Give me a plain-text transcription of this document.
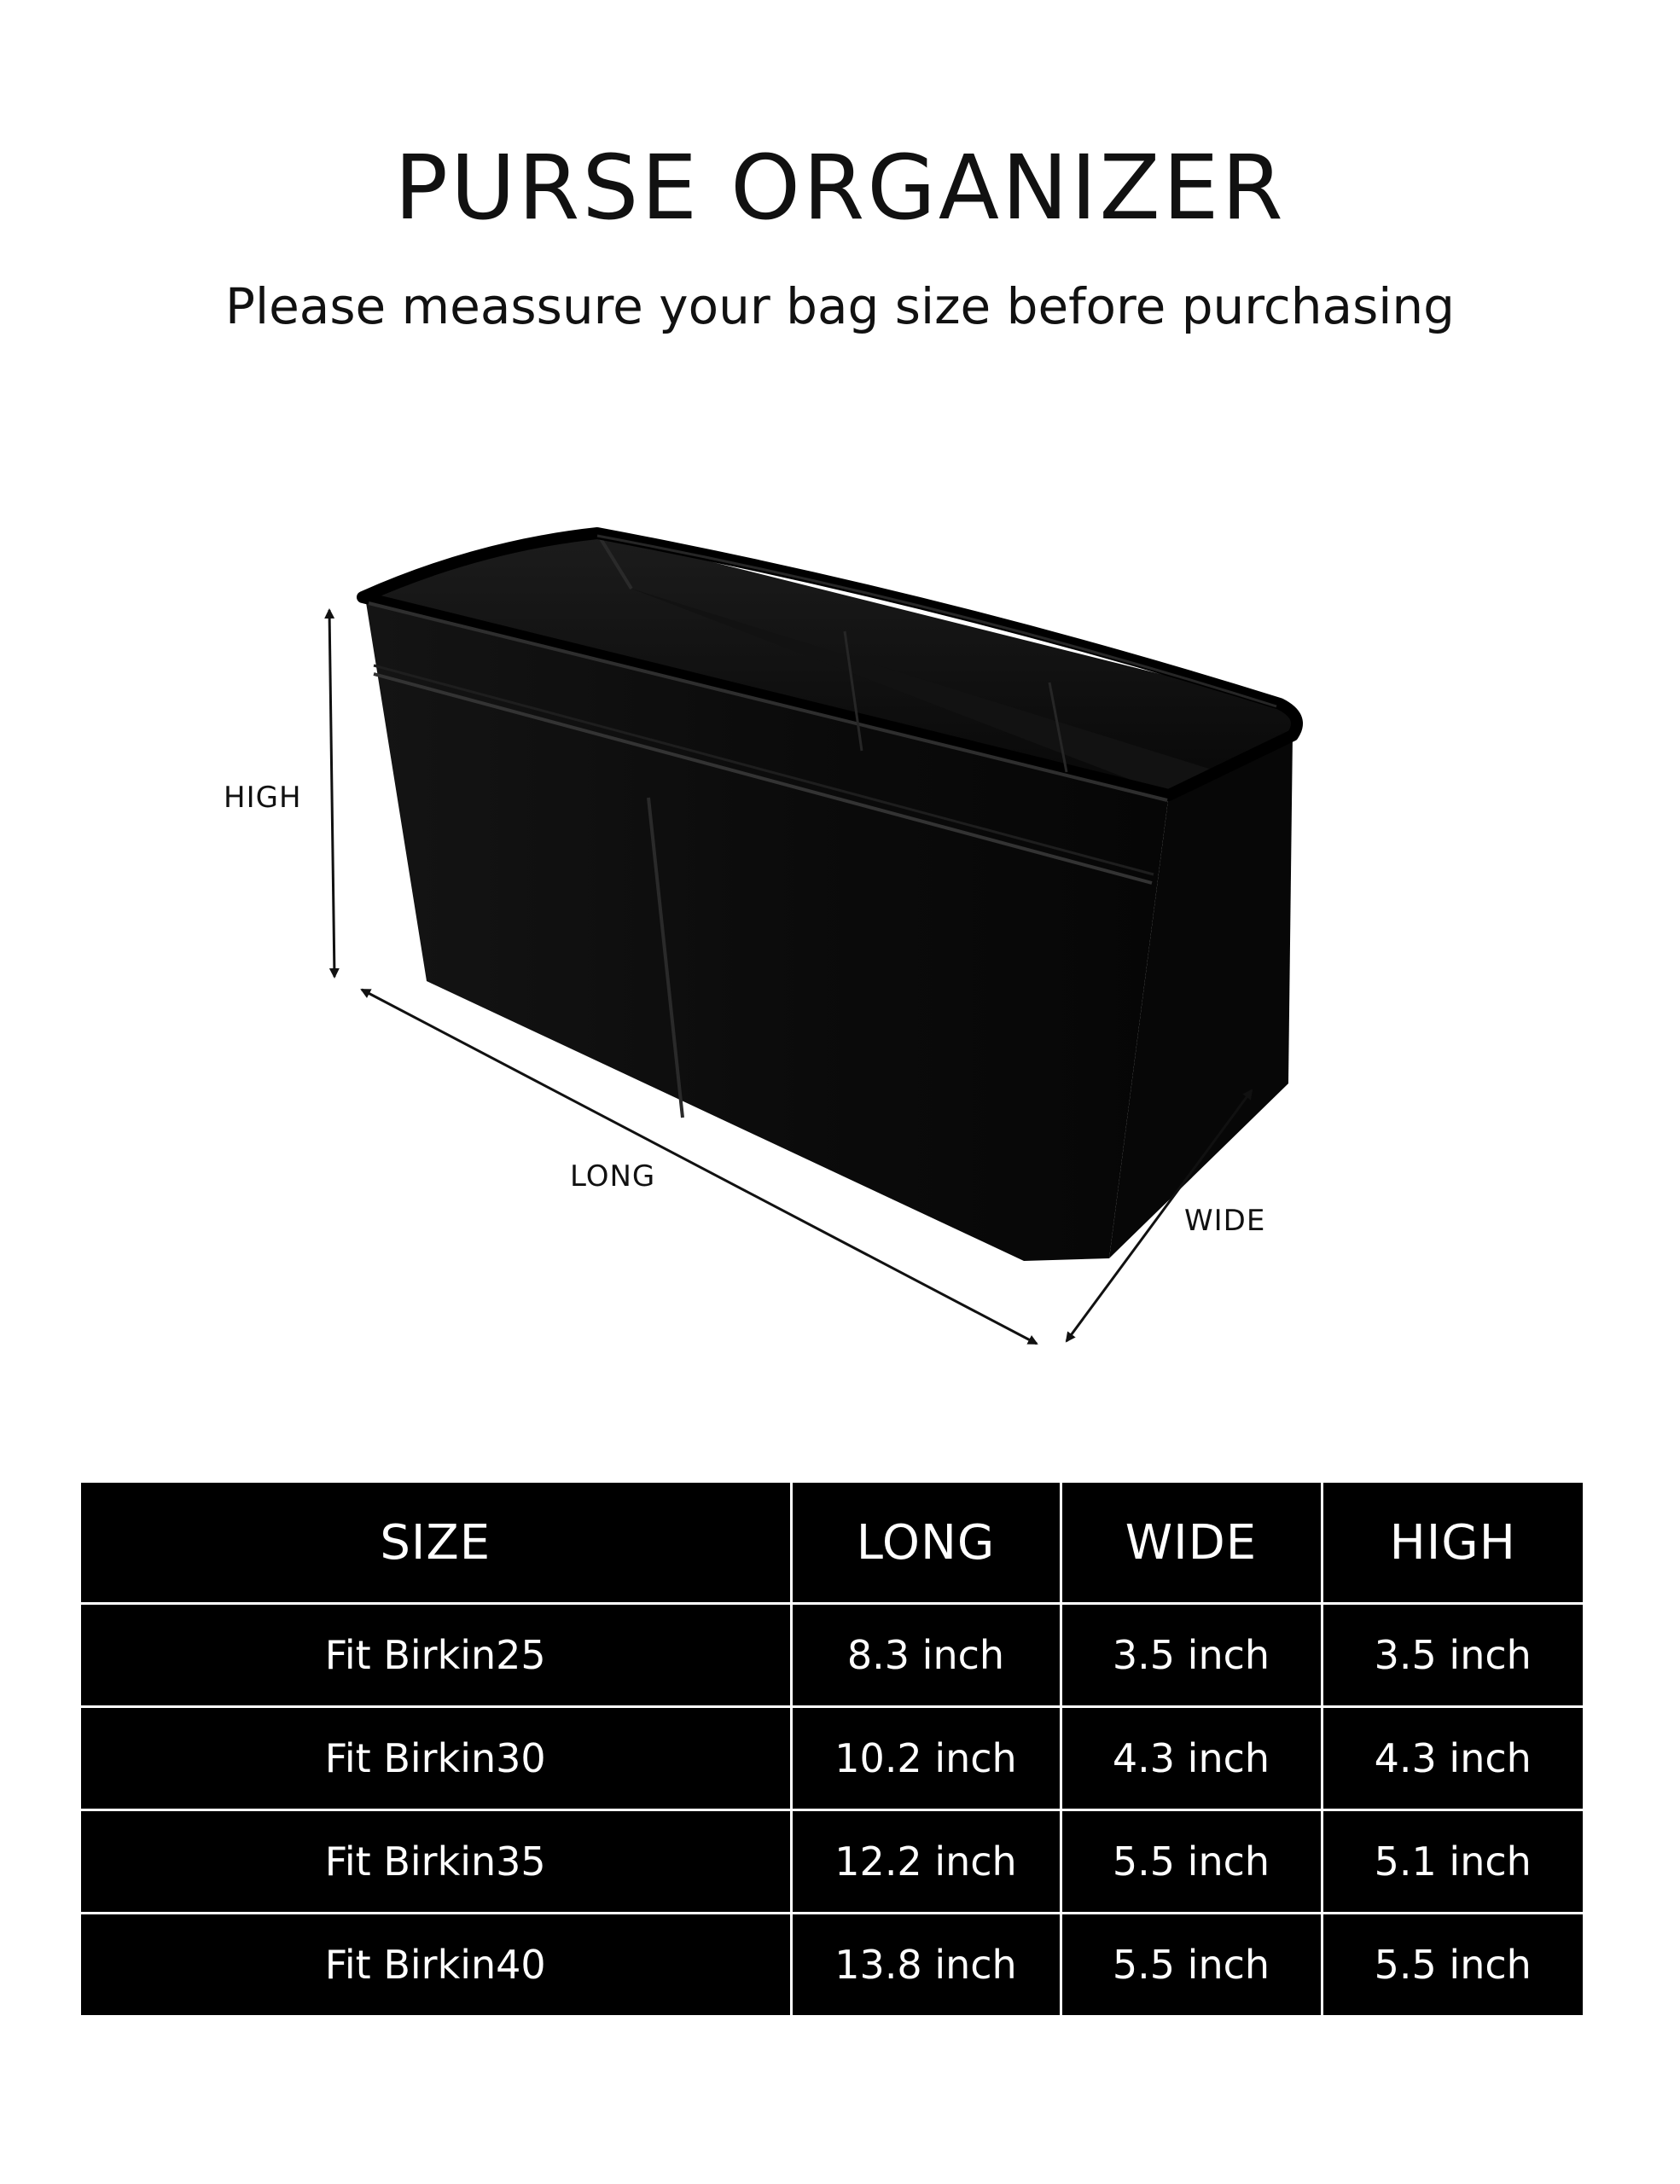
PURSE ORGANIZER

Please meassure your bag size before purchasing

HIGH
LONG
WIDE
SIZE	LONG	WIDE	HIGH
Fit Birkin25	8.3 inch	3.5 inch	3.5 inch
Fit Birkin30	10.2 inch	4.3 inch	4.3 inch
Fit Birkin35	12.2 inch	5.5 inch	5.1 inch
Fit Birkin40	13.8 inch	5.5 inch	5.5 inch
